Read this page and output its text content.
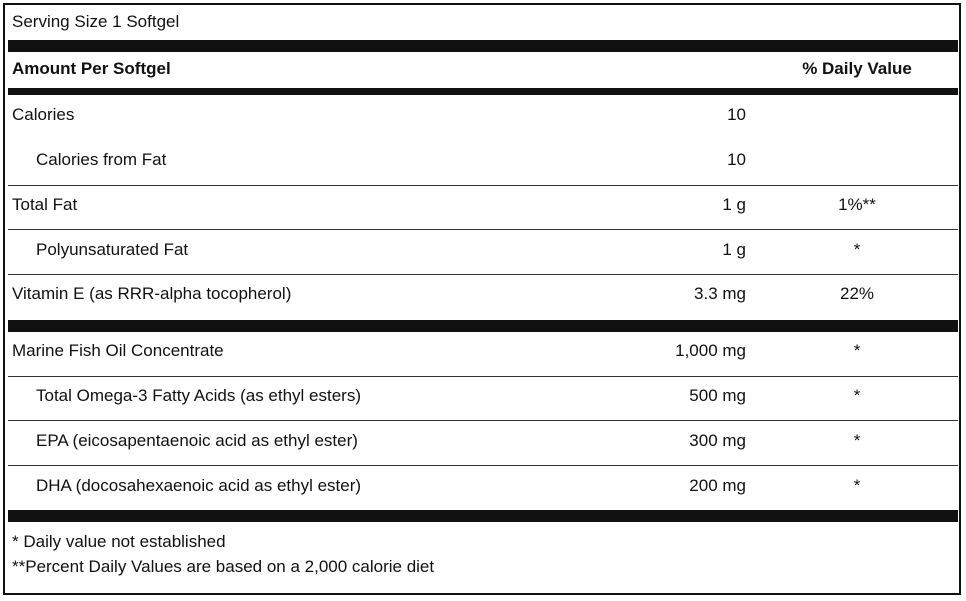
Serving Size 1 Softgel
Amount Per Softgel	% Daily Value
Calories	10
Calories from Fat	10
Total Fat	1 g	1%**
Polyunsaturated Fat	1 g	*
Vitamin E (as RRR-alpha tocopherol)	3.3 mg	22%
Marine Fish Oil Concentrate	1,000 mg	*
Total Omega-3 Fatty Acids (as ethyl esters)	500 mg	*
EPA (eicosapentaenoic acid as ethyl ester)	300 mg	*
DHA (docosahexaenoic acid as ethyl ester)	200 mg	*
* Daily value not established
**Percent Daily Values are based on a 2,000 calorie diet
